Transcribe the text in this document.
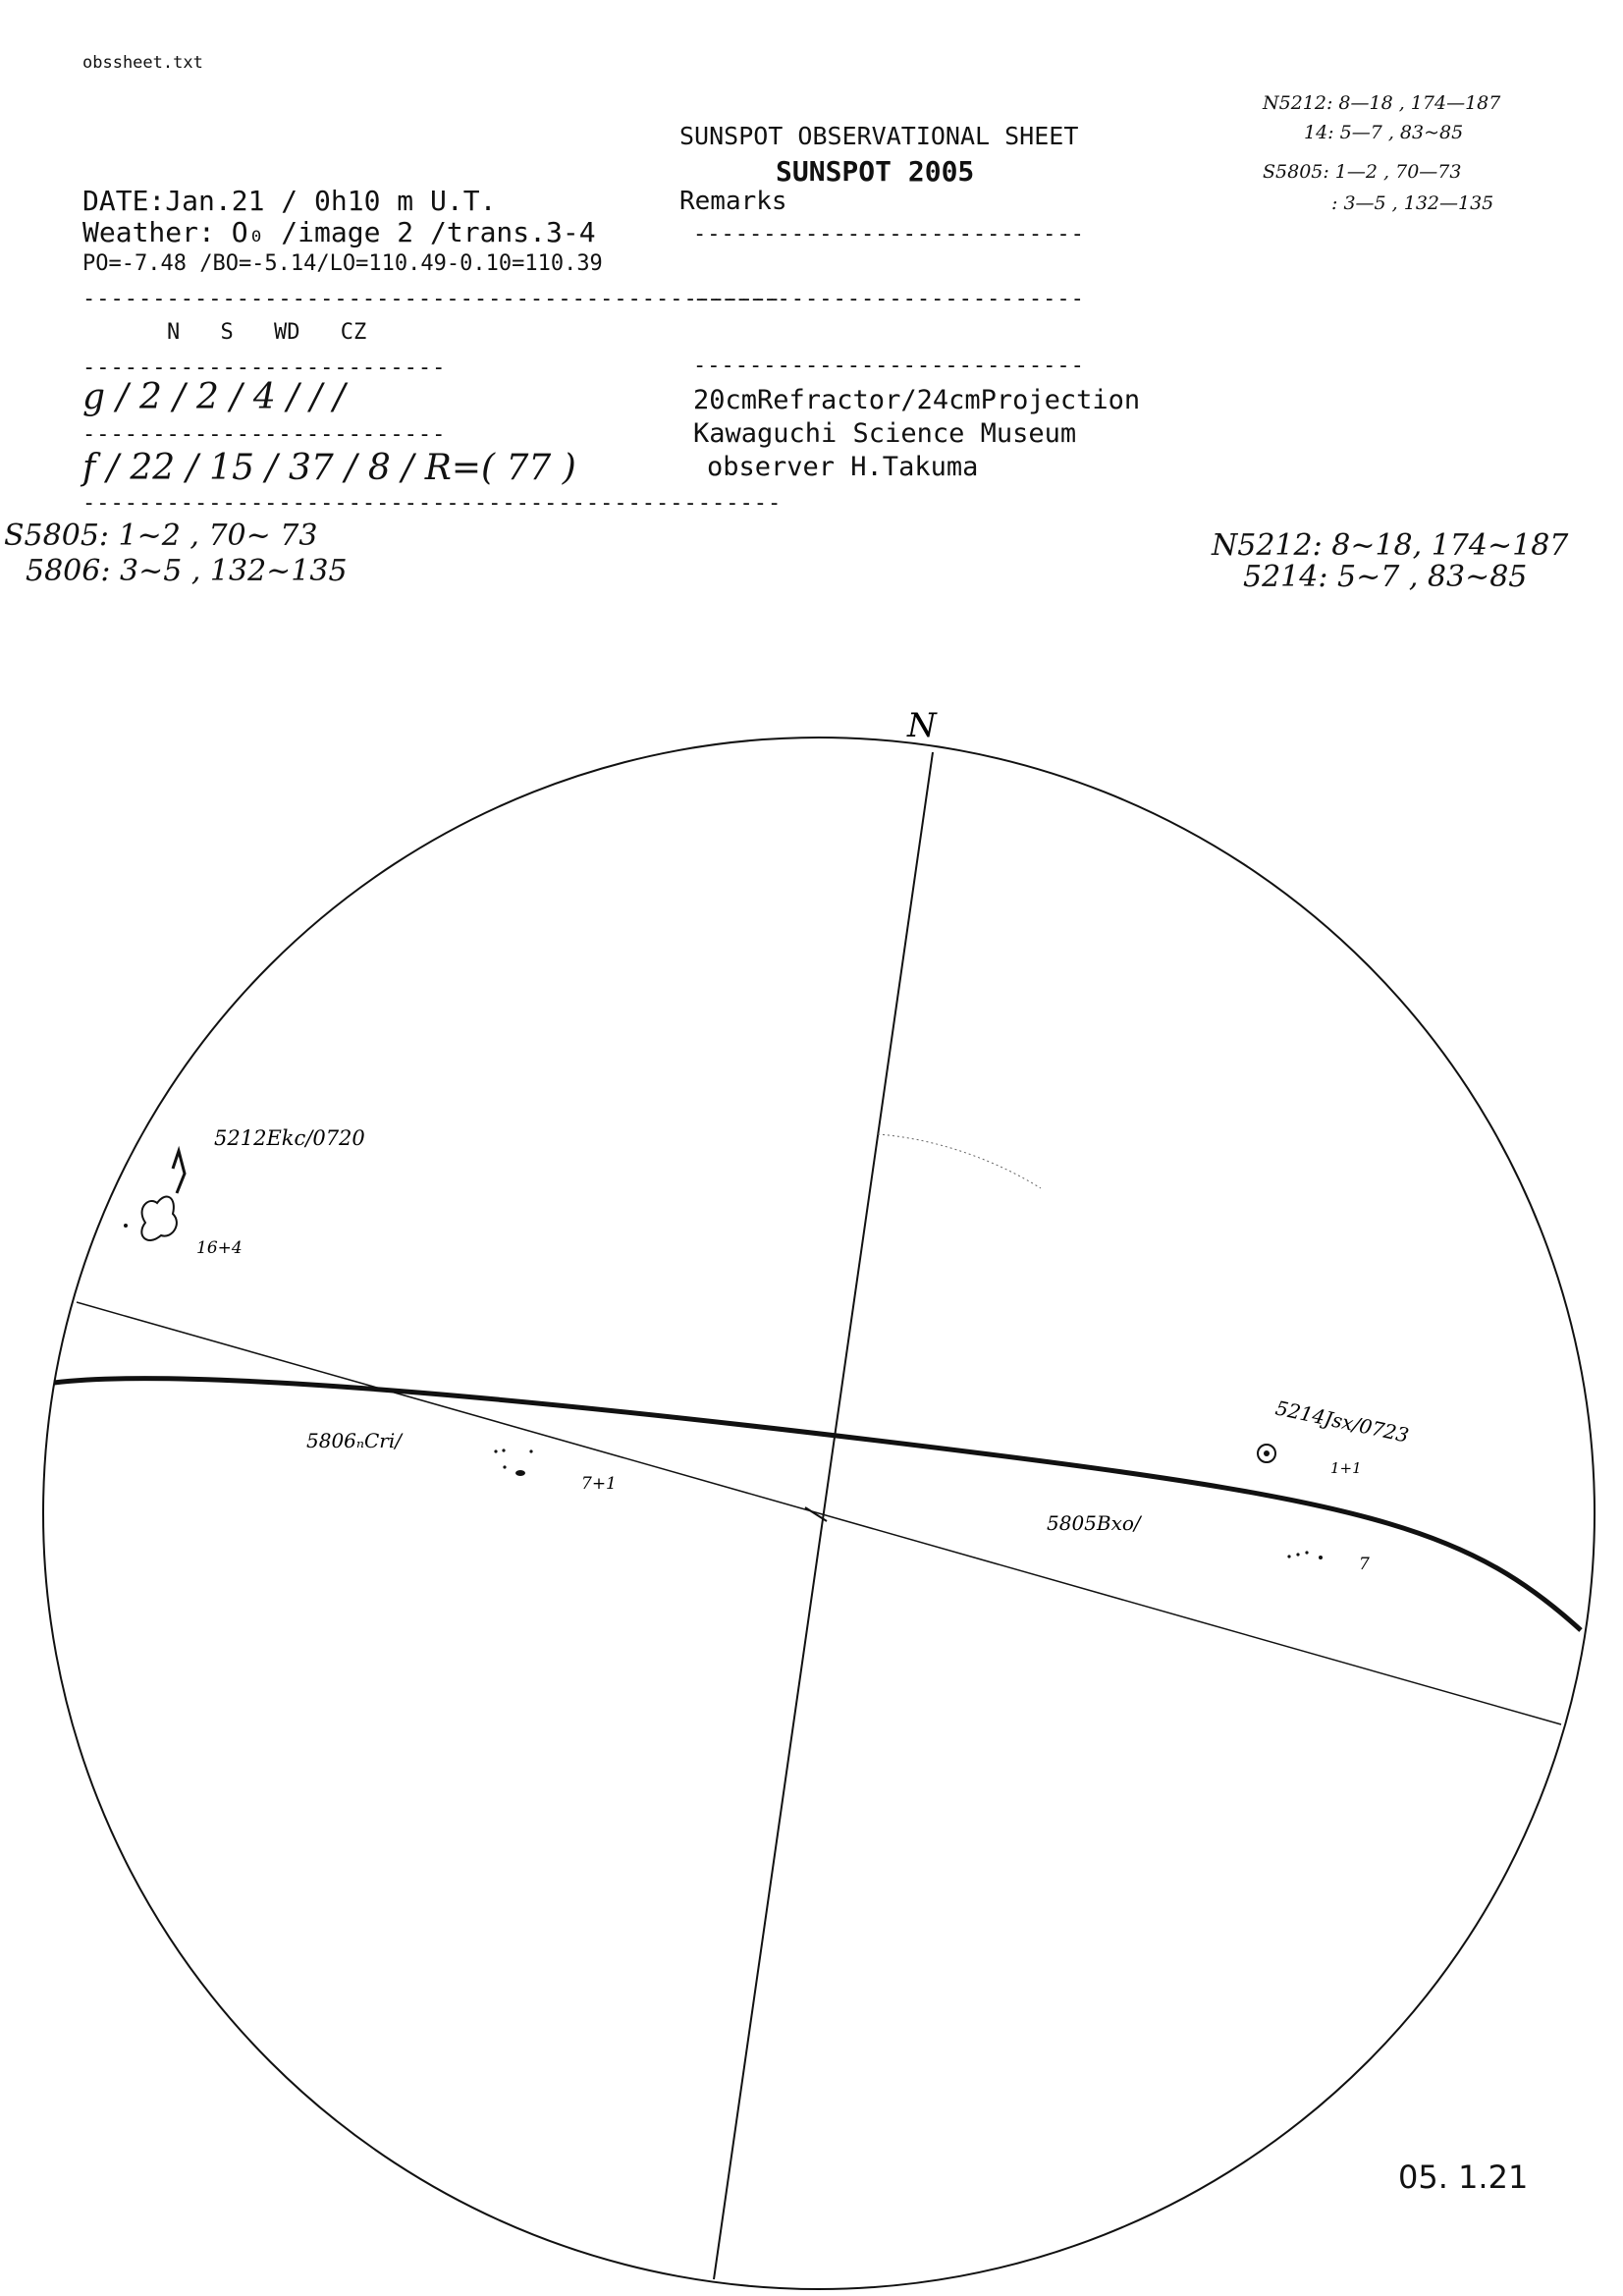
obssheet.txt
SUNSPOT OBSERVATIONAL SHEET
SUNSPOT 2005
Remarks
----------------------------
----------------------------
----------------------------
DATE:Jan.21 / 0h10 m U.T.
Weather: O₀ /image 2 /trans.3-4
PO=-7.48 /BO=-5.14/LO=110.49-0.10=110.39
--------------------------------------------------
N S WD CZ
--------------------------
g / 2 / 2 / 4 / / /
--------------------------
f / 22 / 15 / 37 / 8 / R=( 77 )
--------------------------------------------------
20cmRefractor/24cmProjection
Kawaguchi Science Museum
observer H.Takuma
S5805: 1~2 , 70~ 73
5806: 3~5 , 132~135
N5212: 8~18, 174~187
5214: 5~7 , 83~85
N5212: 8—18 , 174—187
14: 5—7 , 83~85
S5805: 1—2 , 70—73
: 3—5 , 132—135
N
5212Ekc/0720
16+4
5806ₙCri/
7+1
5214Jsx/0723
1+1
5805Bxo/
7
05. 1.21
